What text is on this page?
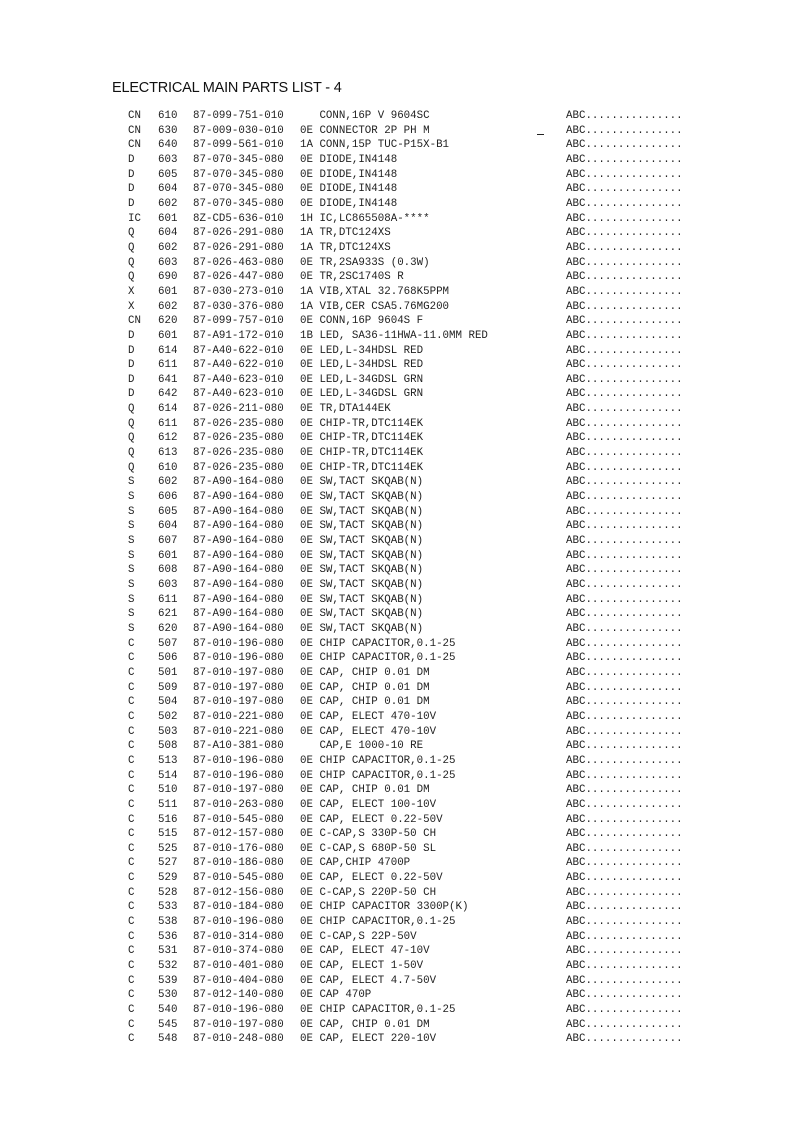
ELECTRICAL MAIN PARTS LIST - 4
CN 610 87-099-751-010 CONN,16P V 9604SC	ABC...............
CN 630 87-009-030-010 0E CONNECTOR 2P PH M	ABC...............
CN 640 87-099-561-010 1A CONN,15P TUC-P15X-B1	ABC...............
D 603 87-070-345-080 0E DIODE,IN4148	ABC...............
D 605 87-070-345-080 0E DIODE,IN4148	ABC...............
D 604 87-070-345-080 0E DIODE,IN4148	ABC...............
D 602 87-070-345-080 0E DIODE,IN4148	ABC...............
IC 601 8Z-CD5-636-010 1H IC,LC865508A-****	ABC...............
Q 604 87-026-291-080 1A TR,DTC124XS	ABC...............
Q 602 87-026-291-080 1A TR,DTC124XS	ABC...............
Q 603 87-026-463-080 0E TR,2SA933S (0.3W)	ABC...............
Q 690 87-026-447-080 0E TR,2SC1740S R	ABC...............
X 601 87-030-273-010 1A VIB,XTAL 32.768K5PPM	ABC...............
X 602 87-030-376-080 1A VIB,CER CSA5.76MG200	ABC...............
CN 620 87-099-757-010 0E CONN,16P 9604S F	ABC...............
D 601 87-A91-172-010 1B LED, SA36-11HWA-11.0MM RED	ABC...............
D 614 87-A40-622-010 0E LED,L-34HDSL RED	ABC...............
D 611 87-A40-622-010 0E LED,L-34HDSL RED	ABC...............
D 641 87-A40-623-010 0E LED,L-34GDSL GRN	ABC...............
D 642 87-A40-623-010 0E LED,L-34GDSL GRN	ABC...............
Q 614 87-026-211-080 0E TR,DTA144EK	ABC...............
Q 611 87-026-235-080 0E CHIP-TR,DTC114EK	ABC...............
Q 612 87-026-235-080 0E CHIP-TR,DTC114EK	ABC...............
Q 613 87-026-235-080 0E CHIP-TR,DTC114EK	ABC...............
Q 610 87-026-235-080 0E CHIP-TR,DTC114EK	ABC...............
S 602 87-A90-164-080 0E SW,TACT SKQAB(N)	ABC...............
S 606 87-A90-164-080 0E SW,TACT SKQAB(N)	ABC...............
S 605 87-A90-164-080 0E SW,TACT SKQAB(N)	ABC...............
S 604 87-A90-164-080 0E SW,TACT SKQAB(N)	ABC...............
S 607 87-A90-164-080 0E SW,TACT SKQAB(N)	ABC...............
S 601 87-A90-164-080 0E SW,TACT SKQAB(N)	ABC...............
S 608 87-A90-164-080 0E SW,TACT SKQAB(N)	ABC...............
S 603 87-A90-164-080 0E SW,TACT SKQAB(N)	ABC...............
S 611 87-A90-164-080 0E SW,TACT SKQAB(N)	ABC...............
S 621 87-A90-164-080 0E SW,TACT SKQAB(N)	ABC...............
S 620 87-A90-164-080 0E SW,TACT SKQAB(N)	ABC...............
C 507 87-010-196-080 0E CHIP CAPACITOR,0.1-25	ABC...............
C 506 87-010-196-080 0E CHIP CAPACITOR,0.1-25	ABC...............
C 501 87-010-197-080 0E CAP, CHIP 0.01 DM	ABC...............
C 509 87-010-197-080 0E CAP, CHIP 0.01 DM	ABC...............
C 504 87-010-197-080 0E CAP, CHIP 0.01 DM	ABC...............
C 502 87-010-221-080 0E CAP, ELECT 470-10V	ABC...............
C 503 87-010-221-080 0E CAP, ELECT 470-10V	ABC...............
C 508 87-A10-381-080 CAP,E 1000-10 RE	ABC...............
C 513 87-010-196-080 0E CHIP CAPACITOR,0.1-25	ABC...............
C 514 87-010-196-080 0E CHIP CAPACITOR,0.1-25	ABC...............
C 510 87-010-197-080 0E CAP, CHIP 0.01 DM	ABC...............
C 511 87-010-263-080 0E CAP, ELECT 100-10V	ABC...............
C 516 87-010-545-080 0E CAP, ELECT 0.22-50V	ABC...............
C 515 87-012-157-080 0E C-CAP,S 330P-50 CH	ABC...............
C 525 87-010-176-080 0E C-CAP,S 680P-50 SL	ABC...............
C 527 87-010-186-080 0E CAP,CHIP 4700P	ABC...............
C 529 87-010-545-080 0E CAP, ELECT 0.22-50V	ABC...............
C 528 87-012-156-080 0E C-CAP,S 220P-50 CH	ABC...............
C 533 87-010-184-080 0E CHIP CAPACITOR 3300P(K)	ABC...............
C 538 87-010-196-080 0E CHIP CAPACITOR,0.1-25	ABC...............
C 536 87-010-314-080 0E C-CAP,S 22P-50V	ABC...............
C 531 87-010-374-080 0E CAP, ELECT 47-10V	ABC...............
C 532 87-010-401-080 0E CAP, ELECT 1-50V	ABC...............
C 539 87-010-404-080 0E CAP, ELECT 4.7-50V	ABC...............
C 530 87-012-140-080 0E CAP 470P	ABC...............
C 540 87-010-196-080 0E CHIP CAPACITOR,0.1-25	ABC...............
C 545 87-010-197-080 0E CAP, CHIP 0.01 DM	ABC...............
C 548 87-010-248-080 0E CAP, ELECT 220-10V	ABC...............
